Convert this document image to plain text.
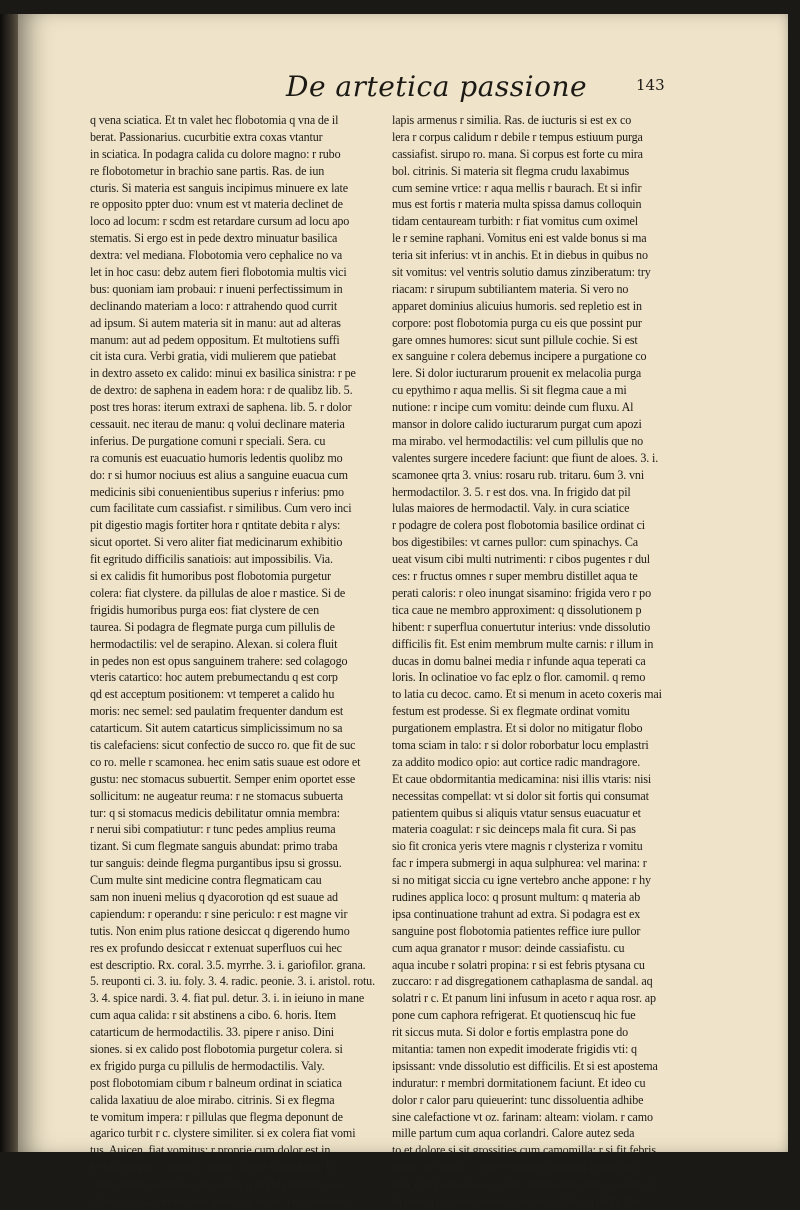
De artetica passione	143
q vena sciatica. Et tn valet hec flobotomia q vna de il
berat. Passionarius. cucurbitie extra coxas vtantur
in sciatica. In podagra calida cu dolore magno: r rubo
re flobotometur in brachio sane partis. Ras. de iun
cturis. Si materia est sanguis incipimus minuere ex late
re opposito ppter duo: vnum est vt materia declinet de
loco ad locum: r scdm est retardare cursum ad locu apo
stematis. Si ergo est in pede dextro minuatur basilica
dextra: vel mediana. Flobotomia vero cephalice no va
let in hoc casu: debz autem fieri flobotomia multis vici
bus: quoniam iam probaui: r inueni perfectissimum in
declinando materiam a loco: r attrahendo quod currit
ad ipsum. Si autem materia sit in manu: aut ad alteras
manum: aut ad pedem oppositum. Et multotiens suffi
cit ista cura. Verbi gratia, vidi mulierem que patiebat
in dextro asseto ex calido: minui ex basilica sinistra: r pe
de dextro: de saphena in eadem hora: r de qualibz lib. 5.
post tres horas: iterum extraxi de saphena. lib. 5. r dolor
cessauit. nec iterau de manu: q volui declinare materia
inferius. De purgatione comuni r speciali. Sera. cu
ra comunis est euacuatio humoris ledentis quolibz mo
do: r si humor nociuus est alius a sanguine euacua cum
medicinis sibi conuenientibus superius r inferius: pmo
cum facilitate cum cassiafist. r similibus. Cum vero inci
pit digestio magis fortiter hora r qntitate debita r alys:
sicut oportet. Si vero aliter fiat medicinarum exhibitio
fit egritudo difficilis sanatiois: aut impossibilis. Via.
si ex calidis fit humoribus post flobotomia purgetur
colera: fiat clystere. da pillulas de aloe r mastice. Si de
frigidis humoribus purga eos: fiat clystere de cen
taurea. Si podagra de flegmate purga cum pillulis de
hermodactilis: vel de serapino. Alexan. si colera fluit
in pedes non est opus sanguinem trahere: sed colagogo
vteris catartico: hoc autem prebumectandu q est corp
qd est acceptum positionem: vt temperet a calido hu
moris: nec semel: sed paulatim frequenter dandum est
catarticum. Sit autem catarticus simplicissimum no sa
tis calefaciens: sicut confectio de succo ro. que fit de suc
co ro. melle r scamonea. hec enim satis suaue est odore et
gustu: nec stomacus subuertit. Semper enim oportet esse
sollicitum: ne augeatur reuma: r ne stomacus subuerta
tur: q si stomacus medicis debilitatur omnia membra:
r nerui sibi compatiutur: r tunc pedes amplius reuma
tizant. Si cum flegmate sanguis abundat: primo traba
tur sanguis: deinde flegma purgantibus ipsu si grossu.
Cum multe sint medicine contra flegmaticam cau
sam non inueni melius q dyacorotion qd est suaue ad
capiendum: r operandu: r sine periculo: r est magne vir
tutis. Non enim plus ratione desiccat q digerendo humo
res ex profundo desiccat r extenuat superfluos cui hec
est descriptio. Rx. coral. 3.5. myrrhe. 3. i. gariofilor. grana.
5. reuponti ci. 3. iu. foly. 3. 4. radic. peonie. 3. i. aristol. rotu.
3. 4. spice nardi. 3. 4. fiat pul. detur. 3. i. in ieiuno in mane
cum aqua calida: r sit abstinens a cibo. 6. horis. Item
catarticum de hermodactilis. 33. pipere r aniso. Dini
siones. si ex calido post flobotomia purgetur colera. si
ex frigido purga cu pillulis de hermodactilis. Valy.
post flobotomiam cibum r balneum ordinat in sciatica
calida laxatiuu de aloe mirabo. citrinis. Si ex flegma
te vomitum impera: r pillulas que flegma deponunt de
agarico turbit r c. clystere similiter. si ex colera fiat vomi
tus. Auicen. fiat vomitus: r proprie cum dolor est in
ferius: magis. n. iuuat q solutio: deide fiat solutio. Di
cunt quidam. solutiua tam calida q frigida debent esse
stiptica: sicut mirabolani: aloes: agaricus: pes coruinus:
lapis armenus r similia. Ras. de iucturis si est ex co
lera r corpus calidum r debile r tempus estiuum purga
cassiafist. sirupo ro. mana. Si corpus est forte cu mira
bol. citrinis. Si materia sit flegma crudu laxabimus
cum semine vrtice: r aqua mellis r baurach. Et si infir
mus est fortis r materia multa spissa damus colloquin
tidam centauream turbith: r fiat vomitus cum oximel
le r semine raphani. Vomitus eni est valde bonus si ma
teria sit inferius: vt in anchis. Et in diebus in quibus no
sit vomitus: vel ventris solutio damus zinziberatum: try
riacam: r sirupum subtiliantem materia. Si vero no
apparet dominius alicuius humoris. sed repletio est in
corpore: post flobotomia purga cu eis que possint pur
gare omnes humores: sicut sunt pillule cochie. Si est
ex sanguine r colera debemus incipere a purgatione co
lere. Si dolor iucturarum prouenit ex melacolia purga
cu epythimo r aqua mellis. Si sit flegma caue a mi
nutione: r incipe cum vomitu: deinde cum fluxu. Al
mansor in dolore calido iucturarum purgat cum apozi
ma mirabo. vel hermodactilis: vel cum pillulis que no
valentes surgere incedere faciunt: que fiunt de aloes. 3. i.
scamonee qrta 3. vnius: rosaru rub. tritaru. 6um 3. vni
hermodactilor. 3. 5. r est dos. vna. In frigido dat pil
lulas maiores de hermodactil. Valy. in cura sciatice
r podagre de colera post flobotomia basilice ordinat ci
bos digestibiles: vt carnes pullor: cum spinachys. Ca
ueat visum cibi multi nutrimenti: r cibos pugentes r dul
ces: r fructus omnes r super membru distillet aqua te
perati caloris: r oleo inungat sisamino: frigida vero r po
tica caue ne membro approximent: q dissolutionem p
hibent: r superflua conuertutur interius: vnde dissolutio
difficilis fit. Est enim membrum multe carnis: r illum in
ducas in domu balnei media r infunde aqua teperati ca
loris. In oclinatioe vo fac eplz o flor. camomil. q remo
to latia cu decoc. camo. Et si menum in aceto coxeris mai
festum est prodesse. Si ex flegmate ordinat vomitu
purgationem emplastra. Et si dolor no mitigatur flobo
toma sciam in talo: r si dolor roborbatur locu emplastri
za addito modico opio: aut cortice radic mandragore.
Et caue obdormitantia medicamina: nisi illis vtaris: nisi
necessitas compellat: vt si dolor sit fortis qui consumat
patientem quibus si aliquis vtatur sensus euacuatur et
materia coagulat: r sic deinceps mala fit cura. Si pas
sio fit cronica yeris vtere magnis r clysteriza r vomitu
fac r impera submergi in aqua sulphurea: vel marina: r
si no mitigat siccia cu igne vertebro anche appone: r hy
rudines applica loco: q prosunt multum: q materia ab
ipsa continuatione trahunt ad extra. Si podagra est ex
sanguine post flobotomia patientes reffice iure pullor
cum aqua granator r musor: deinde cassiafistu. cu
aqua incube r solatri propina: r si est febris ptysana cu
zuccaro: r ad disgregationem cathaplasma de sandal. aq
solatri r c. Et panum lini infusum in aceto r aqua rosr. ap
pone cum caphora refrigerat. Et quotienscuq hic fue
rit siccus muta. Si dolor e fortis emplastra pone do
mitantia: tamen non expedit imoderate frigidis vti: q
ipsissant: vnde dissolutio est difficilis. Et si est apostema
induratur: r membri dormitationem faciunt. Et ideo cu
dolor r calor paru quieuerint: tunc dissoluentia adhibe
sine calefactione vt oz. farinam: alteam: violam. r camo
mille partum cum aqua corlandri. Calore autez seda
to et dolore si sit grossities cum camomilla: r si fit febris
magis in frigida: r rege regimine patientis febrem acu
tam vt ptysana: donec calor cohibeatur: deide cassiam f.
Si autem in genu apostema est ex calido cu dulbi fron
